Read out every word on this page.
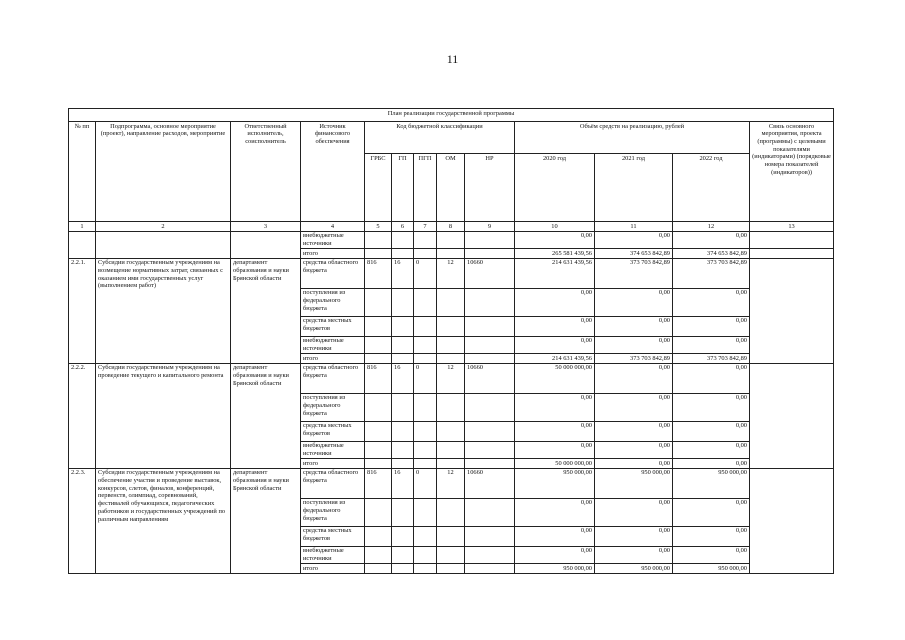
11
План реализации государственной программы												
№ пп	Подпрограмма, основное мероприятие (проект), направление расходов, мероприятие	Ответственный исполнитель, соисполнитель	Источник финансового обеспечения	Код бюджетной классификации					Объём средств на реализацию, рублей			Связь основного мероприятия, проекта (программы) с целевыми показателями (индикаторами) (порядковые номера показателей (индикаторов))
				ГРБС	ГП	ПГП	ОМ	НР	2020 год	2021 год	2022 год	
1	2	3	4	5	6	7	8	9	10	11	12	13
			внебюджетные источники						0,00	0,00	0,00	
			итого						265 581 439,56	374 653 842,89	374 653 842,89	
2.2.1.	Субсидии государственным учреждениям на возмещение нормативных затрат, связанных с оказанием ими государственных услуг (выполнением работ)	департамент образования и науки Брянской области	средства областного бюджета	816	16	0	12	10660	214 631 439,56	373 703 842,89	373 703 842,89	
			поступления из федерального бюджета						0,00	0,00	0,00	
			средства местных бюджетов						0,00	0,00	0,00	
			внебюджетные источники						0,00	0,00	0,00	
			итого						214 631 439,56	373 703 842,89	373 703 842,89	
2.2.2.	Субсидии государственным учреждениям на проведение текущего и капитального ремонта	департамент образования и науки Брянской области	средства областного бюджета	816	16	0	12	10660	50 000 000,00	0,00	0,00	
			поступления из федерального бюджета						0,00	0,00	0,00	
			средства местных бюджетов						0,00	0,00	0,00	
			внебюджетные источники						0,00	0,00	0,00	
			итого						50 000 000,00	0,00	0,00	
2.2.3.	Субсидии государственным учреждениям на обеспечение участия и проведение выставок, конкурсов, слетов, финалов, конференций, первенств, олимпиад, соревнований, фестивалей обучающихся, педагогических работников и государственных учреждений по различным направлениям	департамент образования и науки Брянской области	средства областного бюджета	816	16	0	12	10660	950 000,00	950 000,00	950 000,00	
			поступления из федерального бюджета						0,00	0,00	0,00	
			средства местных бюджетов						0,00	0,00	0,00	
			внебюджетные источники						0,00	0,00	0,00	
			итого						950 000,00	950 000,00	950 000,00	
